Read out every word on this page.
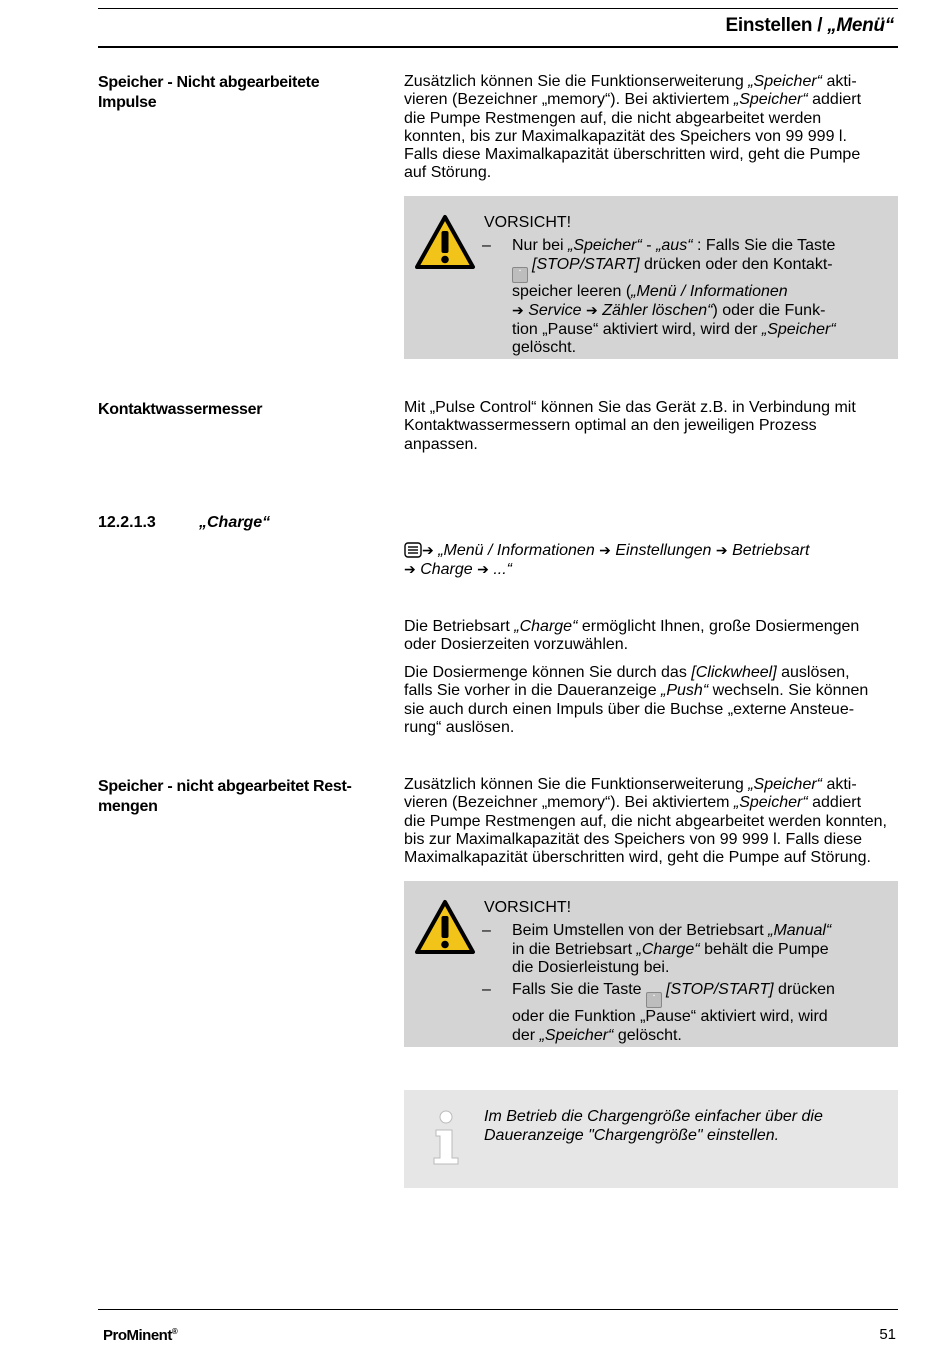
Einstellen / „Menü“
Speicher - Nicht abgearbeitete
Impulse
Zusätzlich können Sie die Funktionserweiterung „Speicher“ akti-
vieren (Bezeichner „memory“). Bei aktiviertem „Speicher“ addiert
die Pumpe Restmengen auf, die nicht abgearbeitet werden
konnten, bis zur Maximalkapazität des Speichers von 99 999 l.
Falls diese Maximalkapazität überschritten wird, geht die Pumpe
auf Störung.
VORSICHT!
– Nur bei „Speicher“ - „aus“ : Falls Sie die Taste
▪ [STOP/START] drücken oder den Kontakt-
speicher leeren („Menü / Informationen
➔ Service ➔ Zähler löschen“) oder die Funk-
tion „Pause“ aktiviert wird, wird der „Speicher“
gelöscht.
Kontaktwassermesser	Mit „Pulse Control“ können Sie das Gerät z.B. in Verbindung mit
Kontaktwassermessern optimal an den jeweiligen Prozess
anpassen.
12.2.1.3	„Charge“
➔ „Menü / Informationen ➔ Einstellungen ➔ Betriebsart
➔ Charge ➔ ...“
Die Betriebsart „Charge“ ermöglicht Ihnen, große Dosiermengen
oder Dosierzeiten vorzuwählen.
Die Dosiermenge können Sie durch das [Clickwheel] auslösen,
falls Sie vorher in die Daueranzeige „Push“ wechseln. Sie können
sie auch durch einen Impuls über die Buchse „externe Ansteue-
rung“ auslösen.
Speicher - nicht abgearbeitet Rest-
mengen
Zusätzlich können Sie die Funktionserweiterung „Speicher“ akti-
vieren (Bezeichner „memory“). Bei aktiviertem „Speicher“ addiert
die Pumpe Restmengen auf, die nicht abgearbeitet werden konnten,
bis zur Maximalkapazität des Speichers von 99 999 l. Falls diese
Maximalkapazität überschritten wird, geht die Pumpe auf Störung.
VORSICHT!
– Beim Umstellen von der Betriebsart „Manual“
in die Betriebsart „Charge“ behält die Pumpe
die Dosierleistung bei.
– Falls Sie die Taste ▪ [STOP/START] drücken
oder die Funktion „Pause“ aktiviert wird, wird
der „Speicher“ gelöscht.
Im Betrieb die Chargengröße einfacher über die
Daueranzeige "Chargengröße" einstellen.
ProMinent®	51
